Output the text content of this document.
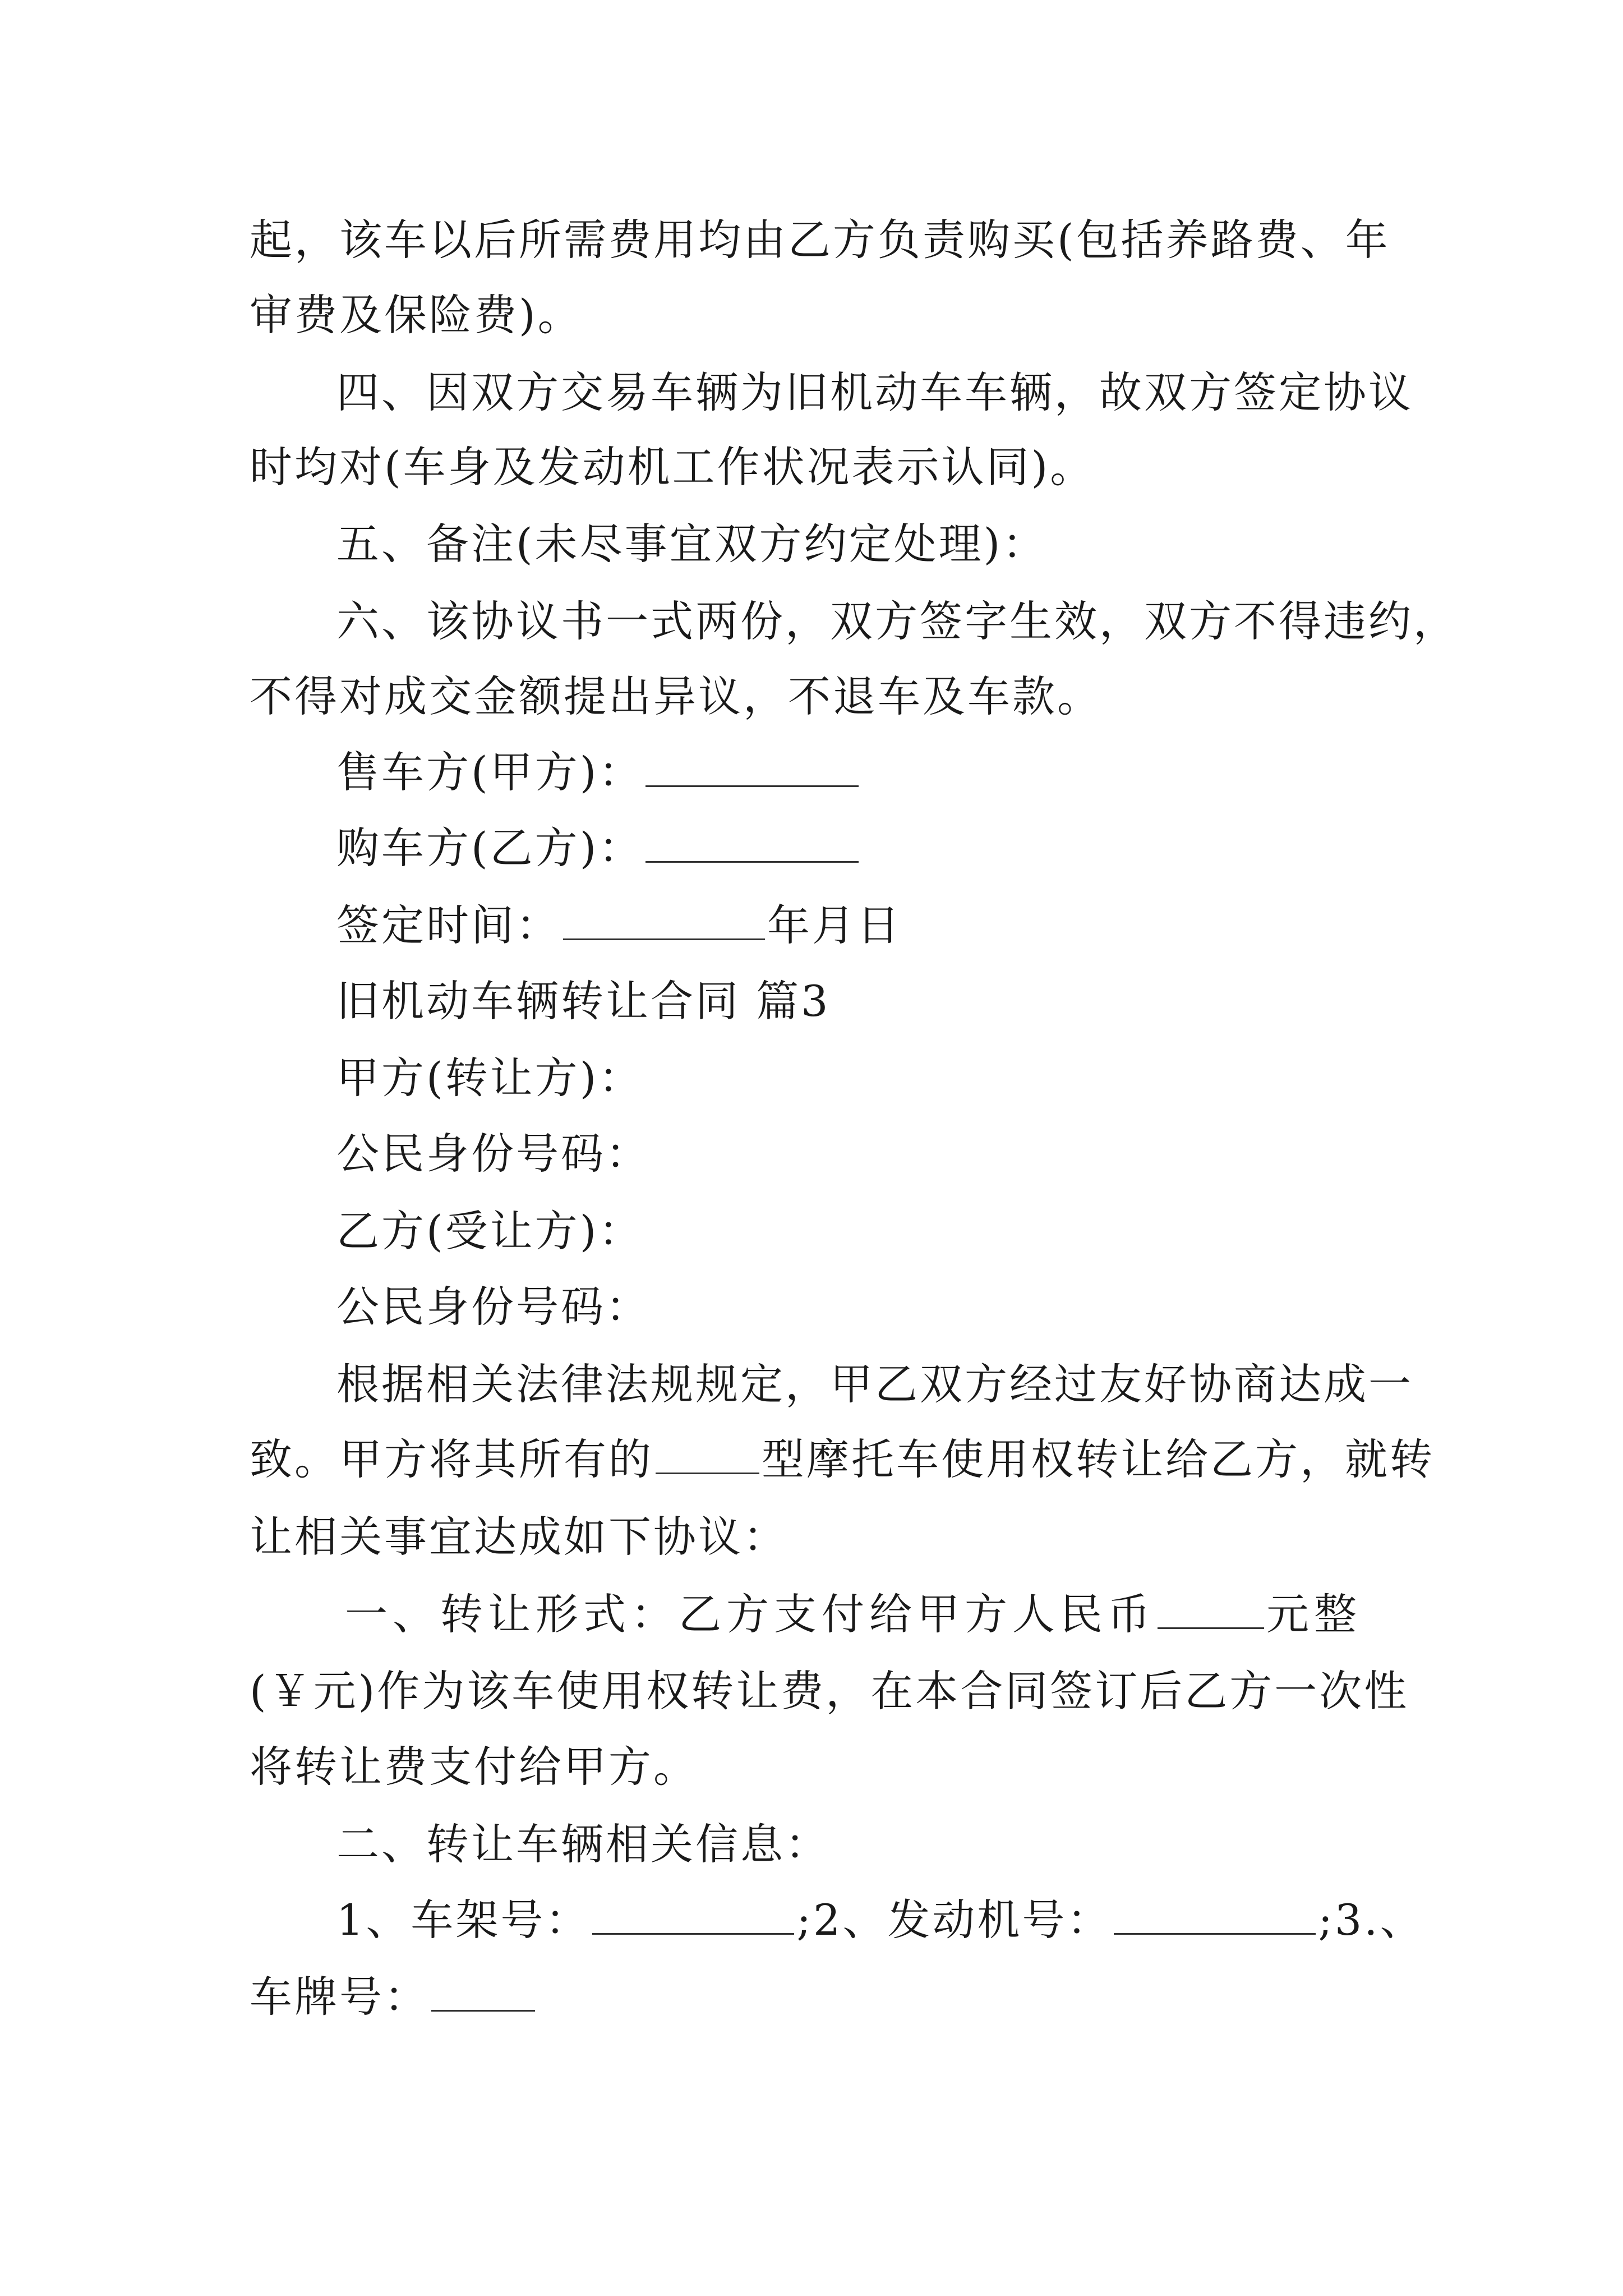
起，该车以后所需费用均由乙方负责购买(包括养路费、年
审费及保险费)。
四、因双方交易车辆为旧机动车车辆，故双方签定协议
时均对(车身及发动机工作状况表示认同)。
五、备注(未尽事宜双方约定处理)：
六、该协议书一式两份，双方签字生效，双方不得违约，
不得对成交金额提出异议，不退车及车款。
售车方(甲方)：
购车方(乙方)：
签定时间：	年月日
旧机动车辆转让合同 篇3
甲方(转让方)：
公民身份号码：
乙方(受让方)：
公民身份号码：
根据相关法律法规规定，甲乙双方经过友好协商达成一
致。甲方将其所有的	型摩托车使用权转让给乙方，就转
让相关事宜达成如下协议：
一、转让形式：乙方支付给甲方人民币	元整
(￥元)作为该车使用权转让费，在本合同签订后乙方一次性
将转让费支付给甲方。
二、转让车辆相关信息：
1、车架号：	;2、发动机号：	;3.、
车牌号：
